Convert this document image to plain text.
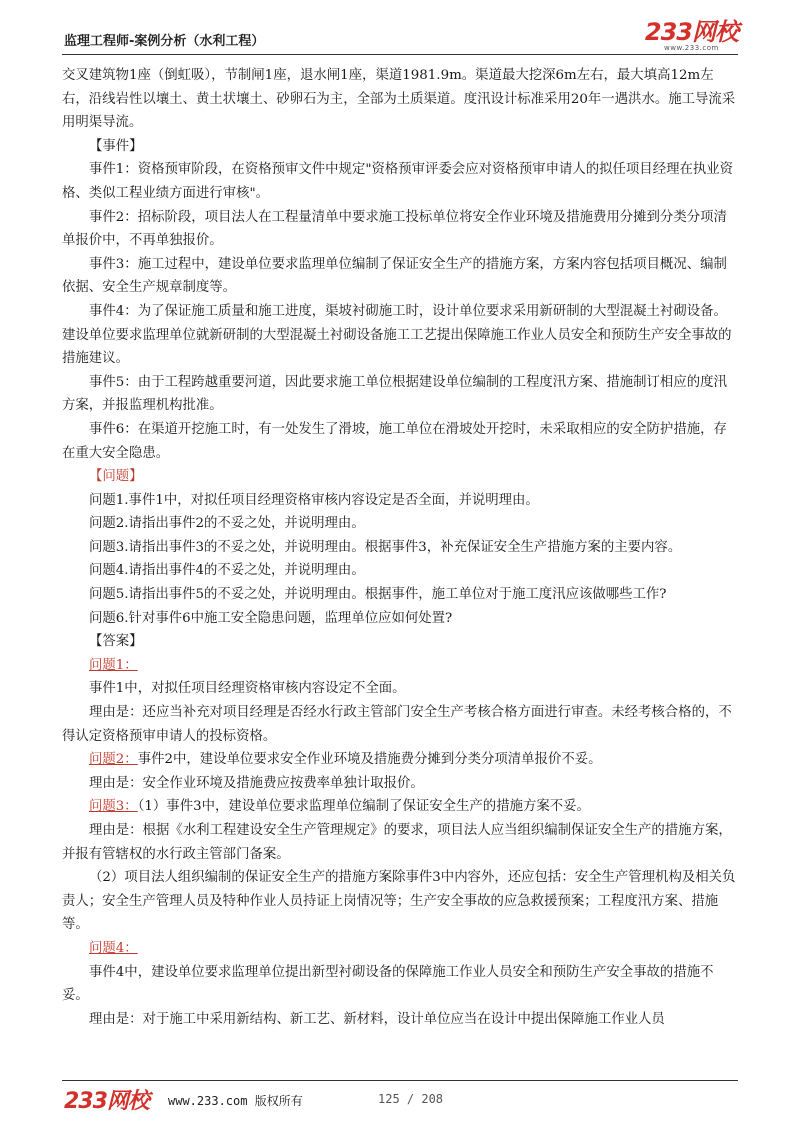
监理工程师-案例分析（水利工程）	233网校
www.233.com

交叉建筑物1座（倒虹吸），节制闸1座，退水闸1座，渠道1981.9m。渠道最大挖深6m左右，最大填高12m左右，沿线岩性以壤土、黄土状壤土、砂卵石为主，全部为土质渠道。度汛设计标准采用20年一遇洪水。施工导流采用明渠导流。

【事件】

事件1：资格预审阶段，在资格预审文件中规定"资格预审评委会应对资格预审申请人的拟任项目经理在执业资格、类似工程业绩方面进行审核"。

事件2：招标阶段，项目法人在工程量清单中要求施工投标单位将安全作业环境及措施费用分摊到分类分项清单报价中，不再单独报价。

事件3：施工过程中，建设单位要求监理单位编制了保证安全生产的措施方案，方案内容包括项目概况、编制依据、安全生产规章制度等。

事件4：为了保证施工质量和施工进度，渠坡衬砌施工时，设计单位要求采用新研制的大型混凝土衬砌设备。建设单位要求监理单位就新研制的大型混凝土衬砌设备施工工艺提出保障施工作业人员安全和预防生产安全事故的措施建议。

事件5：由于工程跨越重要河道，因此要求施工单位根据建设单位编制的工程度汛方案、措施制订相应的度汛方案，并报监理机构批准。

事件6：在渠道开挖施工时，有一处发生了滑坡，施工单位在滑坡处开挖时，未采取相应的安全防护措施，存在重大安全隐患。

【问题】

问题1.事件1中，对拟任项目经理资格审核内容设定是否全面，并说明理由。

问题2.请指出事件2的不妥之处，并说明理由。

问题3.请指出事件3的不妥之处，并说明理由。根据事件3，补充保证安全生产措施方案的主要内容。

问题4.请指出事件4的不妥之处，并说明理由。

问题5.请指出事件5的不妥之处，并说明理由。根据事件，施工单位对于施工度汛应该做哪些工作?

问题6.针对事件6中施工安全隐患问题，监理单位应如何处置?

【答案】

问题1：

事件1中，对拟任项目经理资格审核内容设定不全面。

理由是：还应当补充对项目经理是否经水行政主管部门安全生产考核合格方面进行审查。未经考核合格的，不得认定资格预审申请人的投标资格。

问题2：事件2中，建设单位要求安全作业环境及措施费分摊到分类分项清单报价不妥。

理由是：安全作业环境及措施费应按费率单独计取报价。

问题3：（1）事件3中，建设单位要求监理单位编制了保证安全生产的措施方案不妥。

理由是：根据《水利工程建设安全生产管理规定》的要求，项目法人应当组织编制保证安全生产的措施方案，并报有管辖权的水行政主管部门备案。

（2）项目法人组织编制的保证安全生产的措施方案除事件3中内容外，还应包括：安全生产管理机构及相关负责人；安全生产管理人员及特种作业人员持证上岗情况等；生产安全事故的应急救援预案；工程度汛方案、措施等。

问题4：

事件4中，建设单位要求监理单位提出新型衬砌设备的保障施工作业人员安全和预防生产安全事故的措施不妥。

理由是：对于施工中采用新结构、新工艺、新材料，设计单位应当在设计中提出保障施工作业人员

233网校 www.233.com 版权所有	125 / 208
